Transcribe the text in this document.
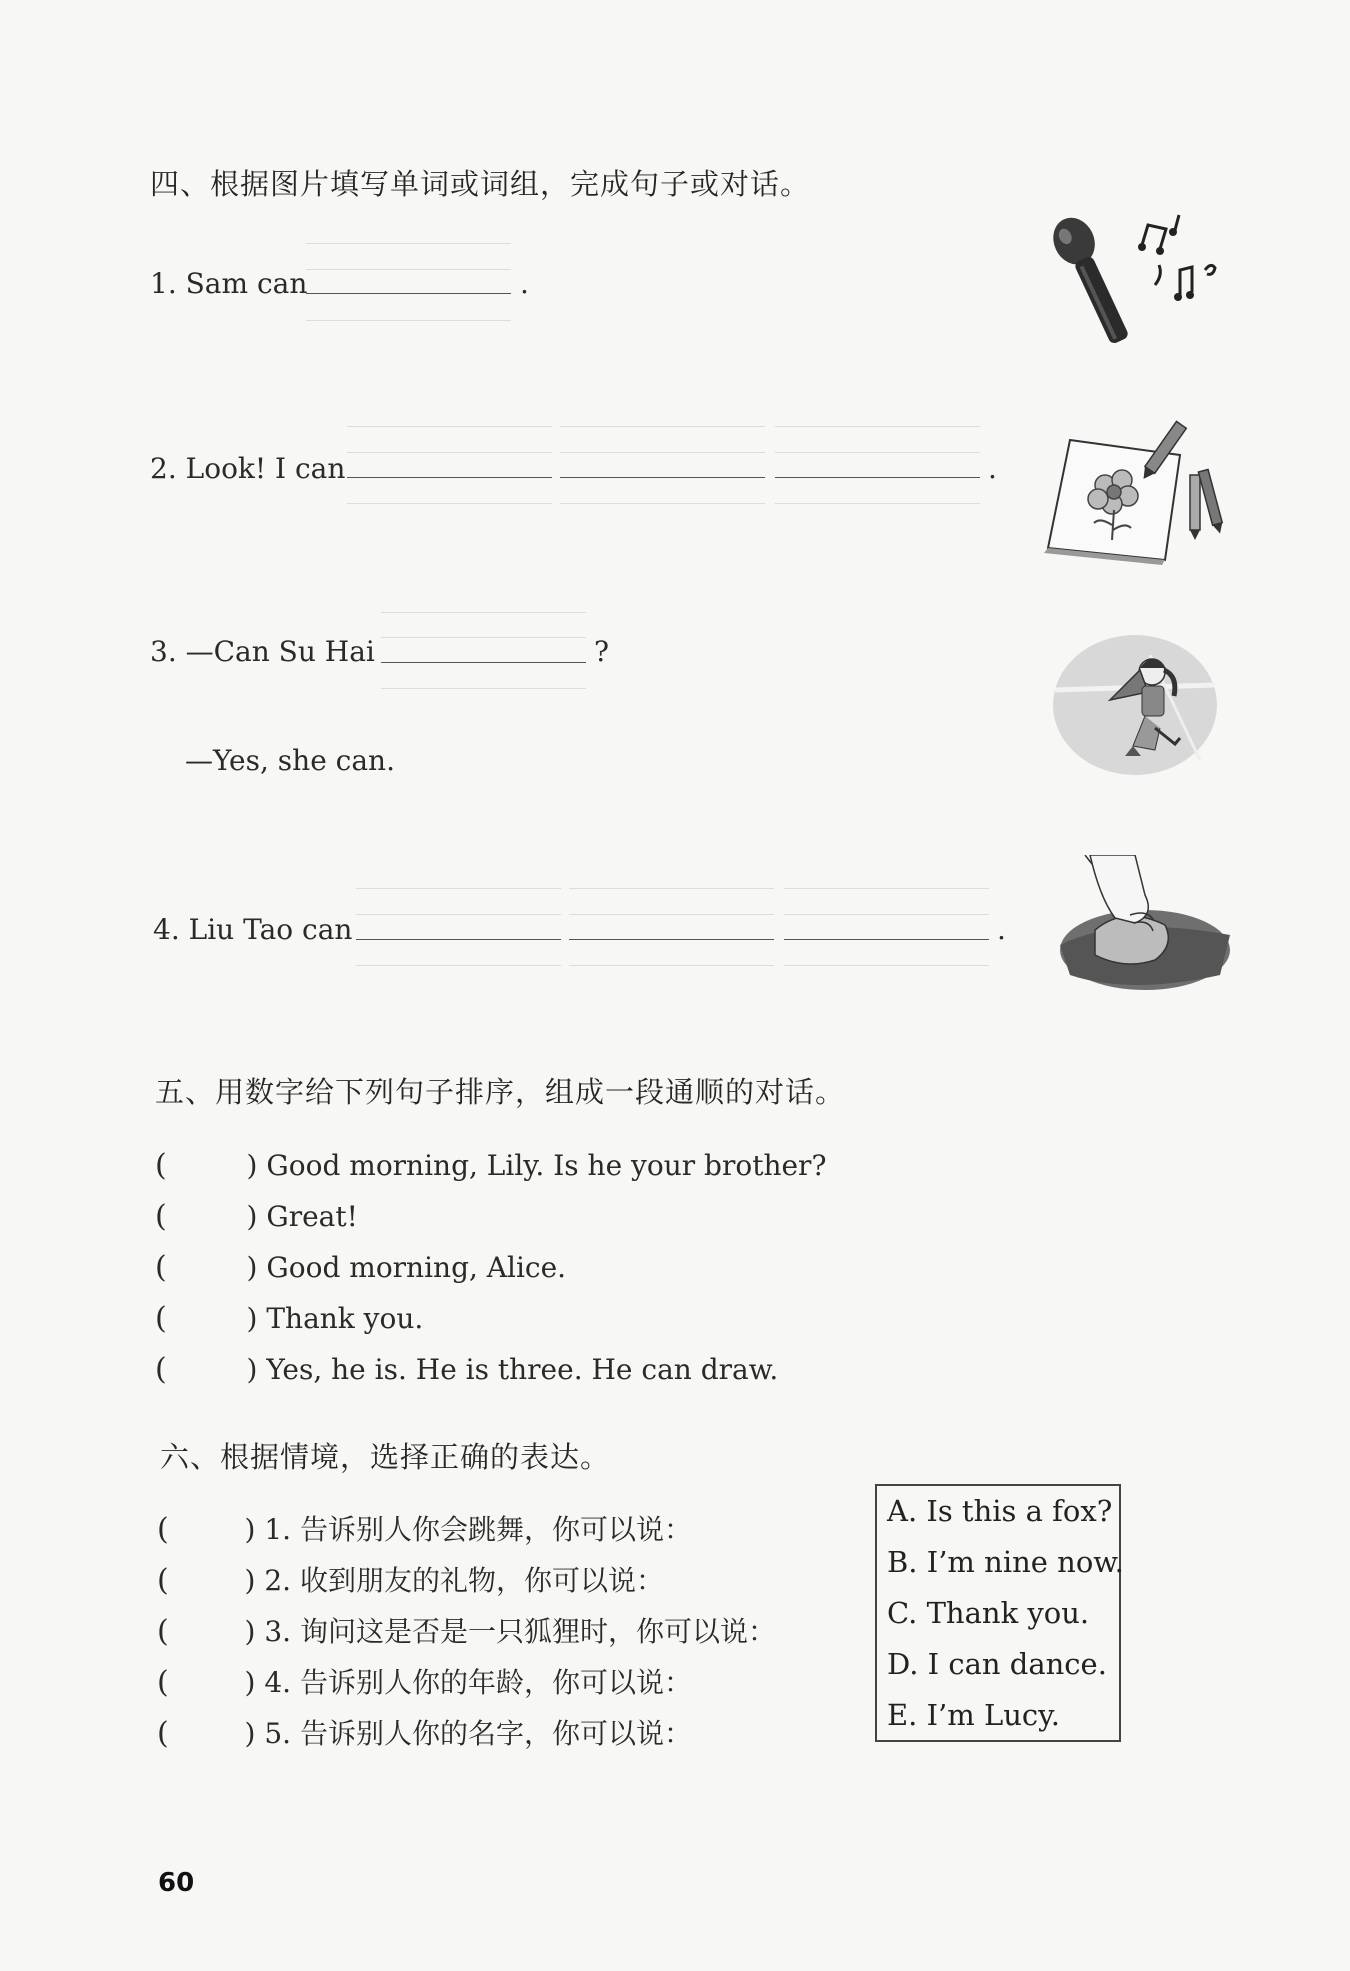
四、根据图片填写单词或词组，完成句子或对话。
1. Sam can	.
2. Look! I can	.
3. —Can Su Hai	?
—Yes, she can.
4. Liu Tao can	.
五、用数字给下列句子排序，组成一段通顺的对话。
(	) Good morning, Lily. Is he your brother?
(	) Great!
(	) Good morning, Alice.
(	) Thank you.
(	) Yes, he is. He is three. He can draw.
六、根据情境，选择正确的表达。
(	) 1. 告诉别人你会跳舞，你可以说：
(	) 2. 收到朋友的礼物，你可以说：
(	) 3. 询问这是否是一只狐狸时，你可以说：
(	) 4. 告诉别人你的年龄，你可以说：
(	) 5. 告诉别人你的名字，你可以说：
A. Is this a fox?
B. I’m nine now.
C. Thank you.
D. I can dance.
E. I’m Lucy.
60
